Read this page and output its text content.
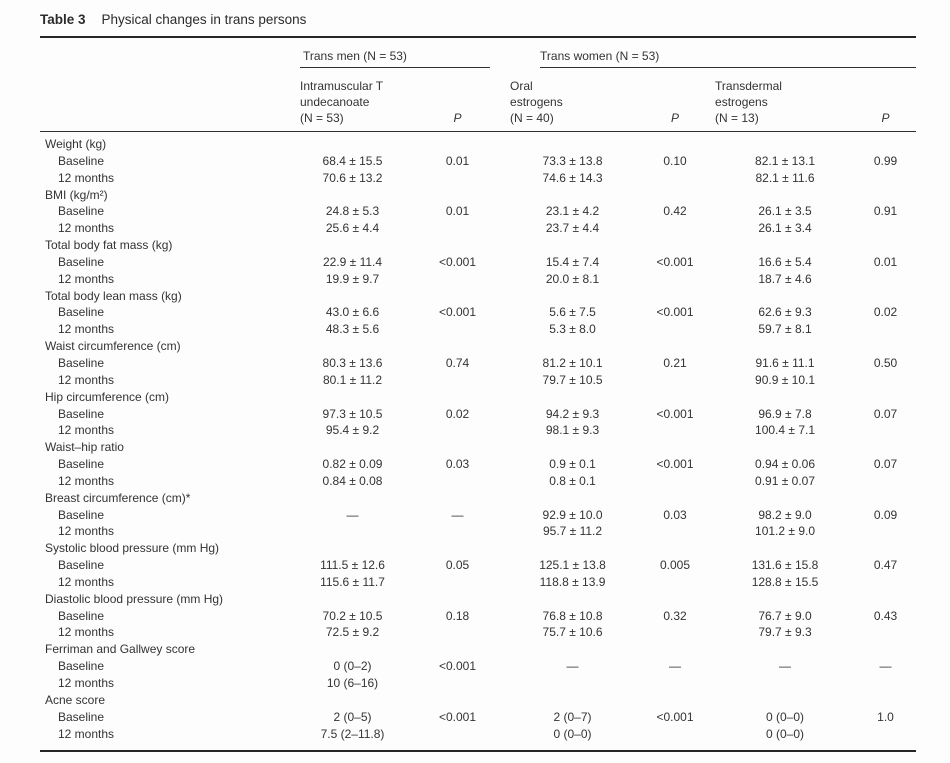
Table 3 Physical changes in trans persons

	Trans men (N = 53)		Trans women (N = 53)			

Intramuscular T
undecanoate
(N = 53)	P	
Oral
estrogens
(N = 40)	P	
Transdermal
estrogens
(N = 13)	P
Weight (kg)						
Baseline	68.4 ± 15.5	0.01	73.3 ± 13.8	0.10	82.1 ± 13.1	0.99
12 months	70.6 ± 13.2		74.6 ± 14.3		82.1 ± 11.6	
BMI (kg/m²)						
Baseline	24.8 ± 5.3	0.01	23.1 ± 4.2	0.42	26.1 ± 3.5	0.91
12 months	25.6 ± 4.4		23.7 ± 4.4		26.1 ± 3.4	
Total body fat mass (kg)						
Baseline	22.9 ± 11.4	<0.001	15.4 ± 7.4	<0.001	16.6 ± 5.4	0.01
12 months	19.9 ± 9.7		20.0 ± 8.1		18.7 ± 4.6	
Total body lean mass (kg)						
Baseline	43.0 ± 6.6	<0.001	5.6 ± 7.5	<0.001	62.6 ± 9.3	0.02
12 months	48.3 ± 5.6		5.3 ± 8.0		59.7 ± 8.1	
Waist circumference (cm)						
Baseline	80.3 ± 13.6	0.74	81.2 ± 10.1	0.21	91.6 ± 11.1	0.50
12 months	80.1 ± 11.2		79.7 ± 10.5		90.9 ± 10.1	
Hip circumference (cm)						
Baseline	97.3 ± 10.5	0.02	94.2 ± 9.3	<0.001	96.9 ± 7.8	0.07
12 months	95.4 ± 9.2		98.1 ± 9.3		100.4 ± 7.1	
Waist–hip ratio						
Baseline	0.82 ± 0.09	0.03	0.9 ± 0.1	<0.001	0.94 ± 0.06	0.07
12 months	0.84 ± 0.08		0.8 ± 0.1		0.91 ± 0.07	
Breast circumference (cm)*						
Baseline	—	—	92.9 ± 10.0	0.03	98.2 ± 9.0	0.09
12 months			95.7 ± 11.2		101.2 ± 9.0	
Systolic blood pressure (mm Hg)						
Baseline	111.5 ± 12.6	0.05	125.1 ± 13.8	0.005	131.6 ± 15.8	0.47
12 months	115.6 ± 11.7		118.8 ± 13.9		128.8 ± 15.5	
Diastolic blood pressure (mm Hg)						
Baseline	70.2 ± 10.5	0.18	76.8 ± 10.8	0.32	76.7 ± 9.0	0.43
12 months	72.5 ± 9.2		75.7 ± 10.6		79.7 ± 9.3	
Ferriman and Gallwey score						
Baseline	0 (0–2)	<0.001	—	—	—	—
12 months	10 (6–16)					
Acne score						
Baseline	2 (0–5)	<0.001	2 (0–7)	<0.001	0 (0–0)	1.0
12 months	7.5 (2–11.8)		0 (0–0)		0 (0–0)	
